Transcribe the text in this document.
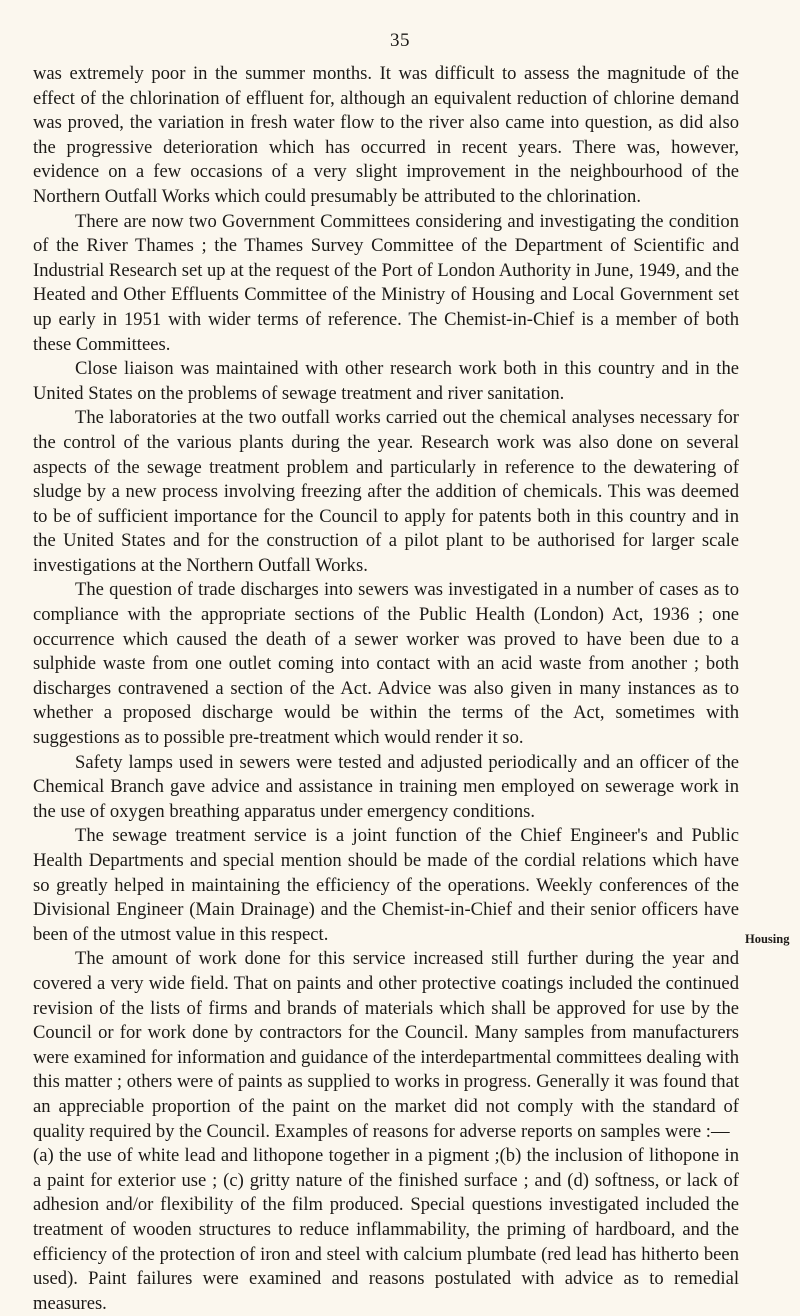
35

was extremely poor in the summer months. It was difficult to assess the magnitude of the effect of the chlorination of effluent for, although an equivalent reduction of chlorine demand was proved, the variation in fresh water flow to the river also came into question, as did also the progressive deterioration which has occurred in recent years. There was, however, evidence on a few occasions of a very slight improvement in the neighbourhood of the Northern Outfall Works which could presumably be attributed to the chlorination.

There are now two Government Committees considering and investigating the condition of the River Thames ; the Thames Survey Committee of the Department of Scientific and Industrial Research set up at the request of the Port of London Authority in June, 1949, and the Heated and Other Effluents Committee of the Ministry of Housing and Local Government set up early in 1951 with wider terms of reference. The Chemist-in-Chief is a member of both these Committees.

Close liaison was maintained with other research work both in this country and in the United States on the problems of sewage treatment and river sanitation.

The laboratories at the two outfall works carried out the chemical analyses necessary for the control of the various plants during the year. Research work was also done on several aspects of the sewage treatment problem and particularly in reference to the dewatering of sludge by a new process involving freezing after the addition of chemicals. This was deemed to be of sufficient importance for the Council to apply for patents both in this country and in the United States and for the construction of a pilot plant to be authorised for larger scale investigations at the Northern Outfall Works.

The question of trade discharges into sewers was investigated in a number of cases as to compliance with the appropriate sections of the Public Health (London) Act, 1936 ; one occurrence which caused the death of a sewer worker was proved to have been due to a sulphide waste from one outlet coming into contact with an acid waste from another ; both discharges contravened a section of the Act. Advice was also given in many instances as to whether a proposed discharge would be within the terms of the Act, sometimes with suggestions as to possible pre-treatment which would render it so.

Safety lamps used in sewers were tested and adjusted periodically and an officer of the Chemical Branch gave advice and assistance in training men employed on sewerage work in the use of oxygen breathing apparatus under emergency conditions.

The sewage treatment service is a joint function of the Chief Engineer's and Public Health Departments and special mention should be made of the cordial relations which have so greatly helped in maintaining the efficiency of the operations. Weekly conferences of the Divisional Engineer (Main Drainage) and the Chemist-in-Chief and their senior officers have been of the utmost value in this respect.

The amount of work done for this service increased still further during the year and covered a very wide field. That on paints and other protective coatings included the continued revision of the lists of firms and brands of materials which shall be approved for use by the Council or for work done by contractors for the Council. Many samples from manufacturers were examined for information and guidance of the interdepartmental committees dealing with this matter ; others were of paints as supplied to works in progress. Generally it was found that an appreciable proportion of the paint on the market did not comply with the standard of quality required by the Council. Examples of reasons for adverse reports on samples were :—

(a) the use of white lead and lithopone together in a pigment ;(b) the inclusion of lithopone in a paint for exterior use ; (c) gritty nature of the finished surface ; and (d) softness, or lack of adhesion and/or flexibility of the film produced. Special questions investigated included the treatment of wooden structures to reduce inflammability, the priming of hardboard, and the efficiency of the protection of iron and steel with calcium plumbate (red lead has hitherto been used). Paint failures were examined and reasons postulated with advice as to remedial measures.

Housing
